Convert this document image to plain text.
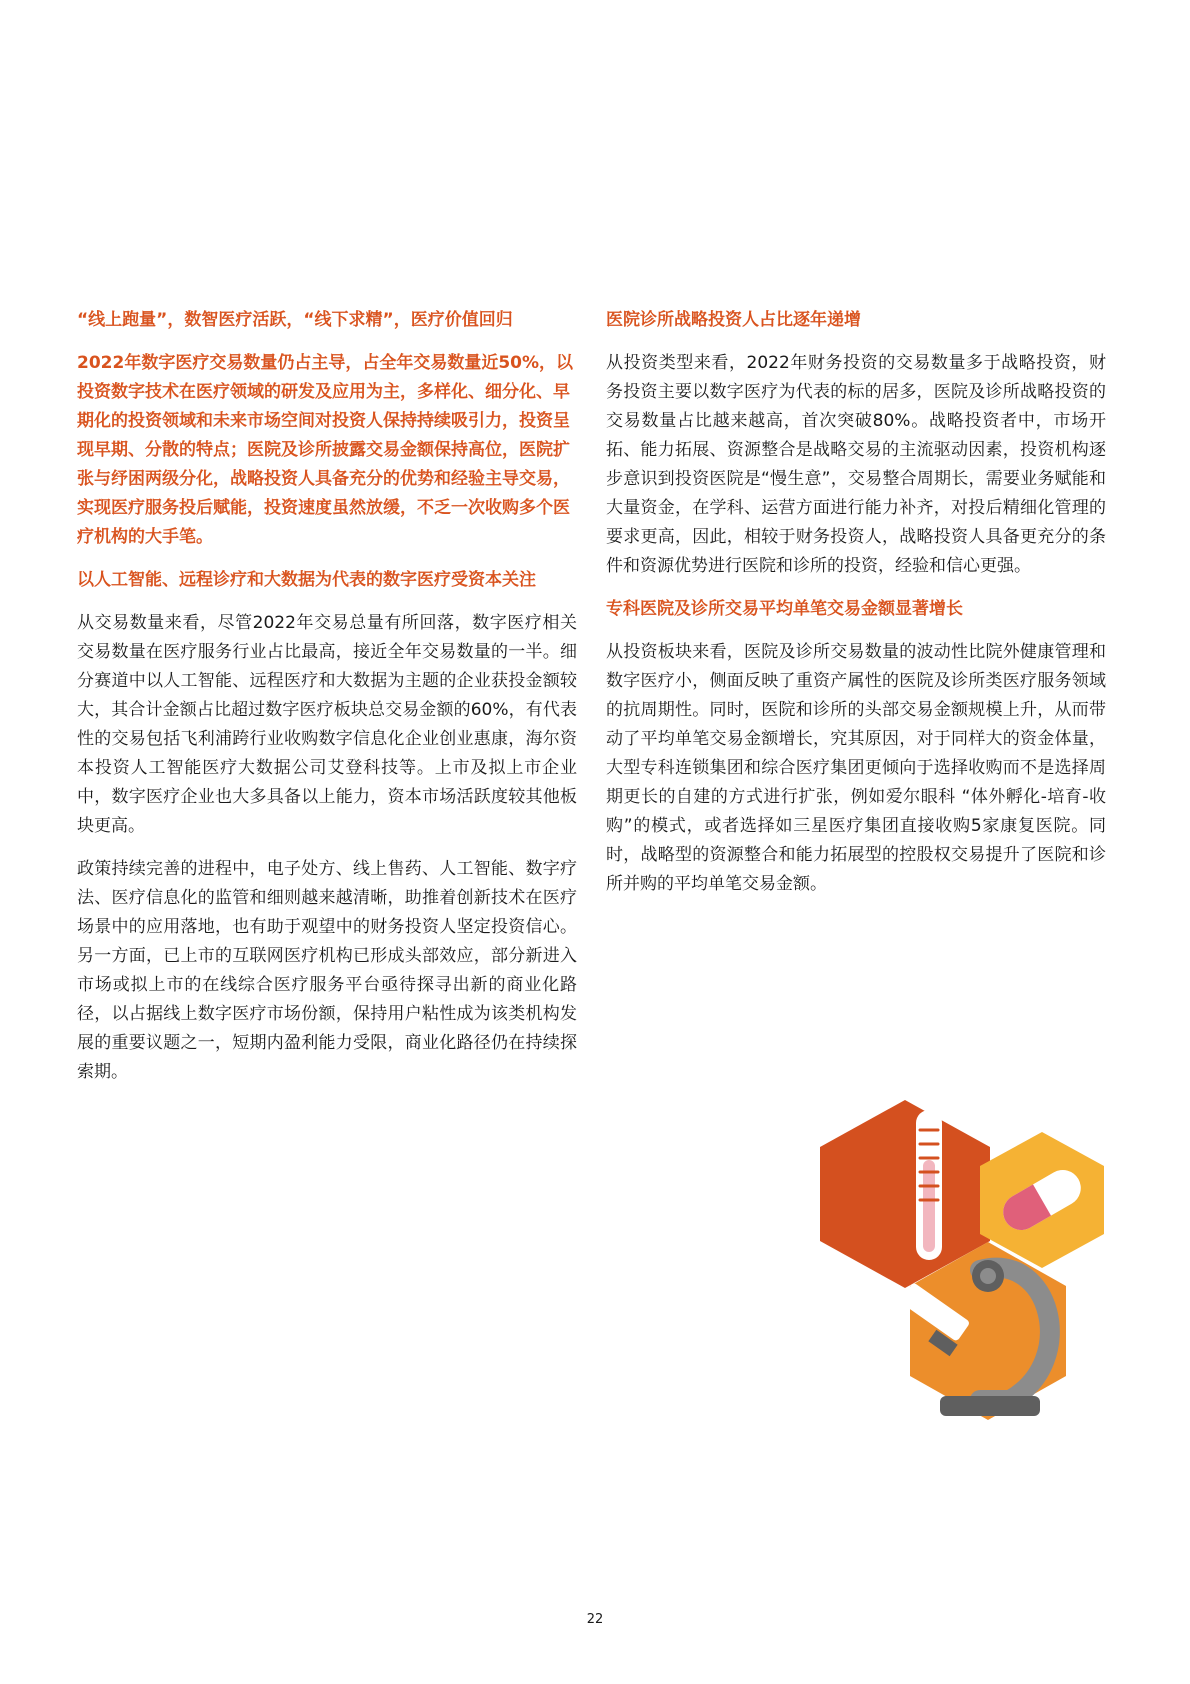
“线上跑量”，数智医疗活跃，“线下求精”，医疗价值回归

2022年数字医疗交易数量仍占主导，占全年交易数量近50%，以投资数字技术在医疗领域的研发及应用为主，多样化、细分化、早期化的投资领域和未来市场空间对投资人保持持续吸引力，投资呈现早期、分散的特点；医院及诊所披露交易金额保持高位，医院扩张与纾困两级分化，战略投资人具备充分的优势和经验主导交易，实现医疗服务投后赋能，投资速度虽然放缓，不乏一次收购多个医疗机构的大手笔。

以人工智能、远程诊疗和大数据为代表的数字医疗受资本关注

从交易数量来看，尽管2022年交易总量有所回落，数字医疗相关交易数量在医疗服务行业占比最高，接近全年交易数量的一半。细分赛道中以人工智能、远程医疗和大数据为主题的企业获投金额较大，其合计金额占比超过数字医疗板块总交易金额的60%，有代表性的交易包括飞利浦跨行业收购数字信息化企业创业惠康，海尔资本投资人工智能医疗大数据公司艾登科技等。上市及拟上市企业中，数字医疗企业也大多具备以上能力，资本市场活跃度较其他板块更高。

政策持续完善的进程中，电子处方、线上售药、人工智能、数字疗法、医疗信息化的监管和细则越来越清晰，助推着创新技术在医疗场景中的应用落地，也有助于观望中的财务投资人坚定投资信心。另一方面，已上市的互联网医疗机构已形成头部效应，部分新进入市场或拟上市的在线综合医疗服务平台亟待探寻出新的商业化路径，以占据线上数字医疗市场份额，保持用户粘性成为该类机构发展的重要议题之一，短期内盈利能力受限，商业化路径仍在持续探索期。

医院诊所战略投资人占比逐年递增

从投资类型来看，2022年财务投资的交易数量多于战略投资，财务投资主要以数字医疗为代表的标的居多，医院及诊所战略投资的交易数量占比越来越高，首次突破80%。战略投资者中，市场开拓、能力拓展、资源整合是战略交易的主流驱动因素，投资机构逐步意识到投资医院是“慢生意”，交易整合周期长，需要业务赋能和大量资金，在学科、运营方面进行能力补齐，对投后精细化管理的要求更高，因此，相较于财务投资人，战略投资人具备更充分的条件和资源优势进行医院和诊所的投资，经验和信心更强。

专科医院及诊所交易平均单笔交易金额显著增长

从投资板块来看，医院及诊所交易数量的波动性比院外健康管理和数字医疗小，侧面反映了重资产属性的医院及诊所类医疗服务领域的抗周期性。同时，医院和诊所的头部交易金额规模上升，从而带动了平均单笔交易金额增长，究其原因，对于同样大的资金体量，大型专科连锁集团和综合医疗集团更倾向于选择收购而不是选择周期更长的自建的方式进行扩张，例如爱尔眼科 “体外孵化-培育-收购”的模式，或者选择如三星医疗集团直接收购5家康复医院。同时，战略型的资源整合和能力拓展型的控股权交易提升了医院和诊所并购的平均单笔交易金额。

22
